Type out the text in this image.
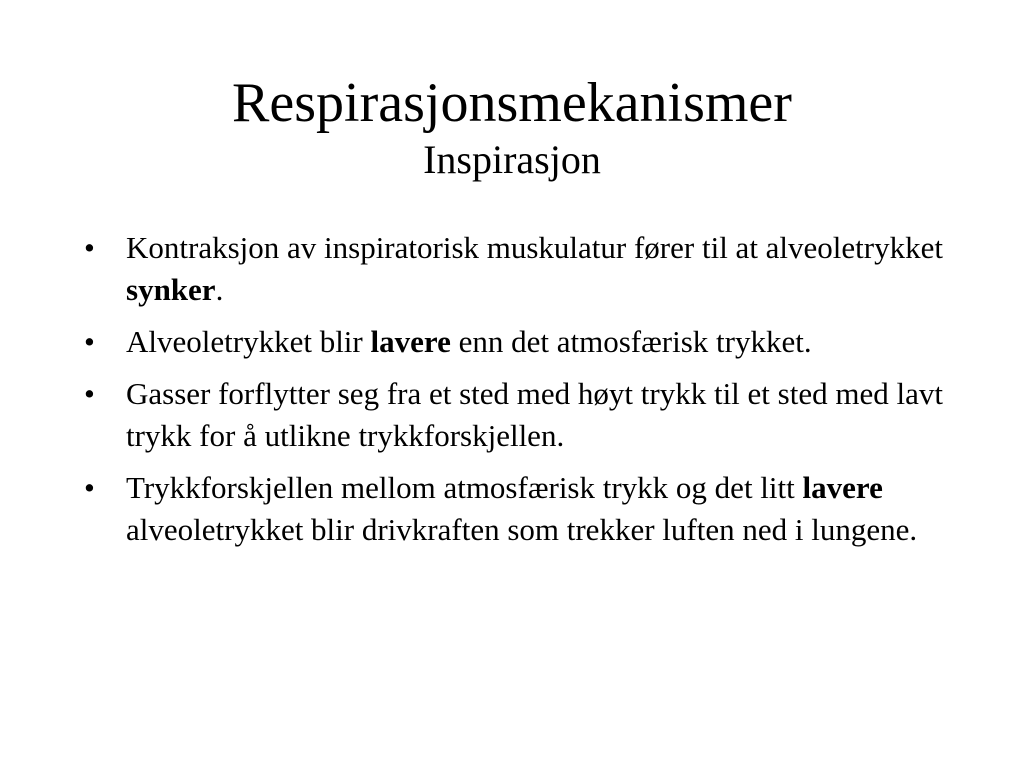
Respirasjonsmekanismer
Inspirasjon
•	Kontraksjon av inspiratorisk muskulatur fører til at alveoletrykket synker.
•	Alveoletrykket blir lavere enn det atmosfærisk trykket.
•	Gasser forflytter seg fra et sted med høyt trykk til et sted med lavt trykk for å utlikne trykkforskjellen.
•	Trykkforskjellen mellom atmosfærisk trykk og det litt lavere alveoletrykket blir drivkraften som trekker luften ned i lungene.
